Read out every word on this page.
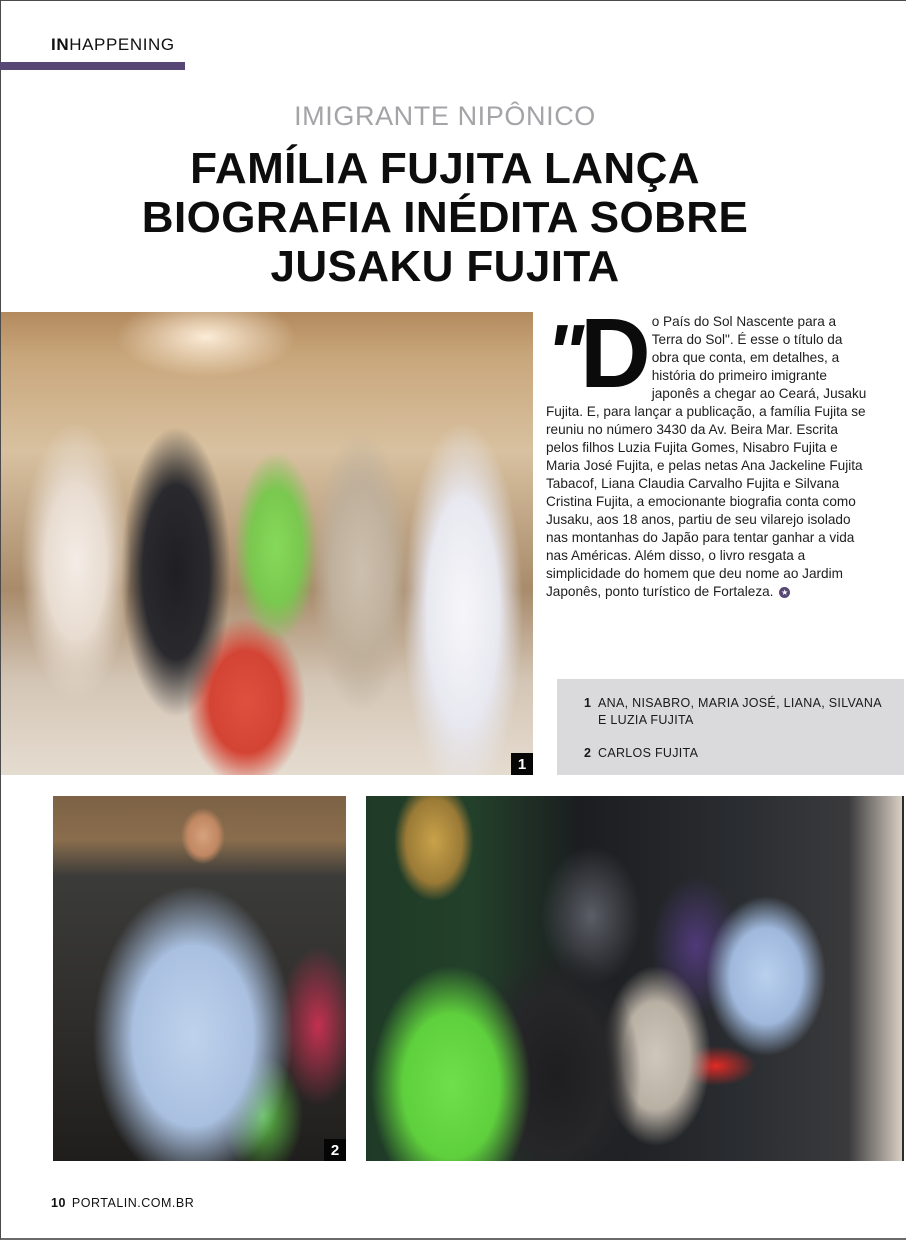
INHAPPENING
IMIGRANTE NIPÔNICO
FAMÍLIA FUJITA LANÇA
BIOGRAFIA INÉDITA SOBRE
JUSAKU FUJITA
1
"D o País do Sol Nascente para a Terra do Sol". É esse o título da obra que conta, em detalhes, a história do primeiro imigrante japonês a chegar ao Ceará, Jusaku Fujita. E, para lançar a publicação, a família Fujita se reuniu no número 3430 da Av. Beira Mar. Escrita pelos filhos Luzia Fujita Gomes, Nisabro Fujita e Maria José Fujita, e pelas netas Ana Jackeline Fujita Tabacof, Liana Claudia Carvalho Fujita e Silvana Cristina Fujita, a emocionante biografia conta como Jusaku, aos 18 anos, partiu de seu vilarejo isolado nas montanhas do Japão para tentar ganhar a vida nas Américas. Além disso, o livro resgata a simplicidade do homem que deu nome ao Jardim Japonês, ponto turístico de Fortaleza. ★
1 ANA, NISABRO, MARIA JOSÉ, LIANA, SILVANA E LUZIA FUJITA
2 CARLOS FUJITA
2
10 PORTALIN.COM.BR
